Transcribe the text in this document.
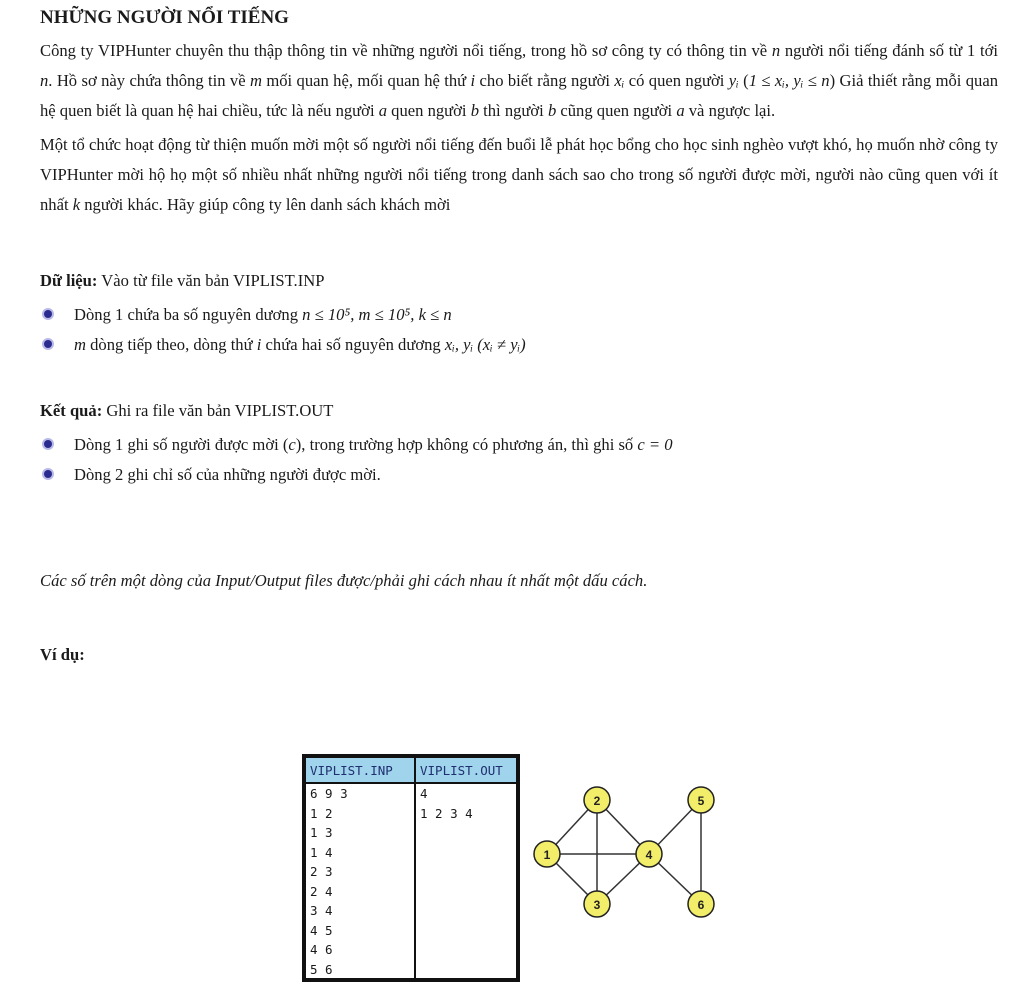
NHỮNG NGƯỜI NỔI TIẾNG

Công ty VIPHunter chuyên thu thập thông tin về những người nổi tiếng, trong hồ sơ công ty có thông tin về n người nổi tiếng đánh số từ 1 tới n. Hồ sơ này chứa thông tin về m mối quan hệ, mối quan hệ thứ i cho biết rằng người xᵢ có quen người yᵢ (1 ≤ xᵢ, yᵢ ≤ n) Giả thiết rằng mỗi quan hệ quen biết là quan hệ hai chiều, tức là nếu người a quen người b thì người b cũng quen người a và ngược lại.

Một tổ chức hoạt động từ thiện muốn mời một số người nổi tiếng đến buổi lễ phát học bổng cho học sinh nghèo vượt khó, họ muốn nhờ công ty VIPHunter mời hộ họ một số nhiều nhất những người nổi tiếng trong danh sách sao cho trong số người được mời, người nào cũng quen với ít nhất k người khác. Hãy giúp công ty lên danh sách khách mời

Dữ liệu: Vào từ file văn bản VIPLIST.INP
Dòng 1 chứa ba số nguyên dương n ≤ 10⁵, m ≤ 10⁵, k ≤ n
m dòng tiếp theo, dòng thứ i chứa hai số nguyên dương xᵢ, yᵢ (xᵢ ≠ yᵢ)
Kết quả: Ghi ra file văn bản VIPLIST.OUT
Dòng 1 ghi số người được mời (c), trong trường hợp không có phương án, thì ghi số c = 0
Dòng 2 ghi chỉ số của những người được mời.
Các số trên một dòng của Input/Output files được/phải ghi cách nhau ít nhất một dấu cách.
Ví dụ:
VIPLIST.INP	VIPLIST.OUT
6 9 3	4
1 2	1 2 3 4
1 3	
1 4	
2 3	
2 4	
3 4	
4 5	
4 6	
5 6	
1
2
3
4
5
6
